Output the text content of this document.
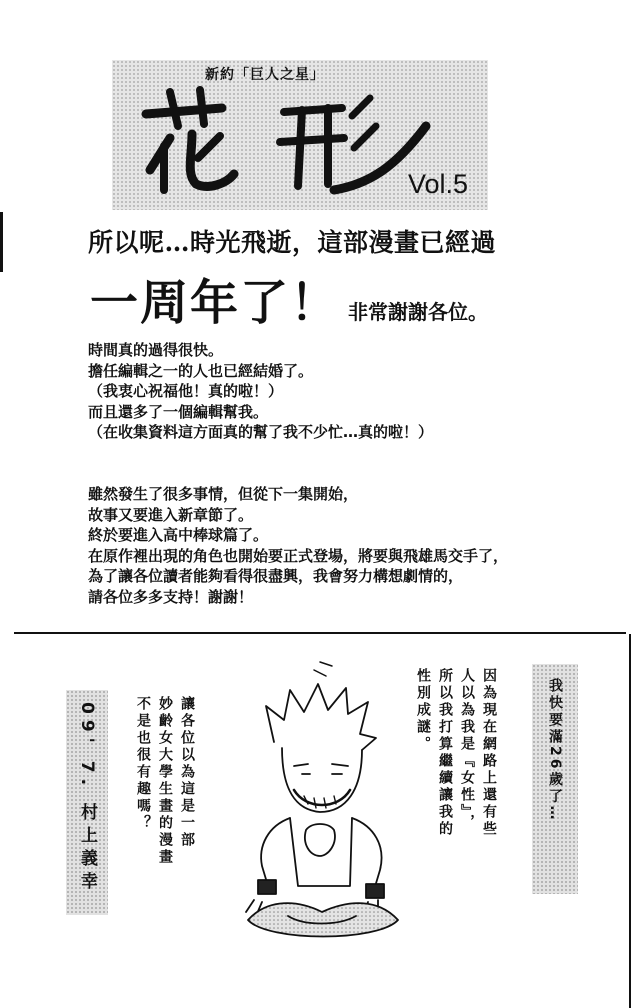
新約「巨人之星」
Vol.5
所以呢…時光飛逝，這部漫畫已經過
一周年了！ 非常謝謝各位。
時間真的過得很快。
擔任編輯之一的人也已經結婚了。
（我衷心祝福他！真的啦！）
而且還多了一個編輯幫我。
（在收集資料這方面真的幫了我不少忙…真的啦！）
雖然發生了很多事情，但從下一集開始，
故事又要進入新章節了。
終於要進入高中棒球篇了。
在原作裡出現的角色也開始要正式登場，將要與飛雄馬交手了，
為了讓各位讀者能夠看得很盡興，我會努力構想劇情的，
請各位多多支持！謝謝！
09' 7. 村上義幸	讓各位以為這是一部
妙齡女大學生畫的漫畫
不是也很有趣嗎？	因為現在網路上還有些
人以為我是『女性』，
所以我打算繼續讓我的
性別成謎。	我快要滿26歲了…
